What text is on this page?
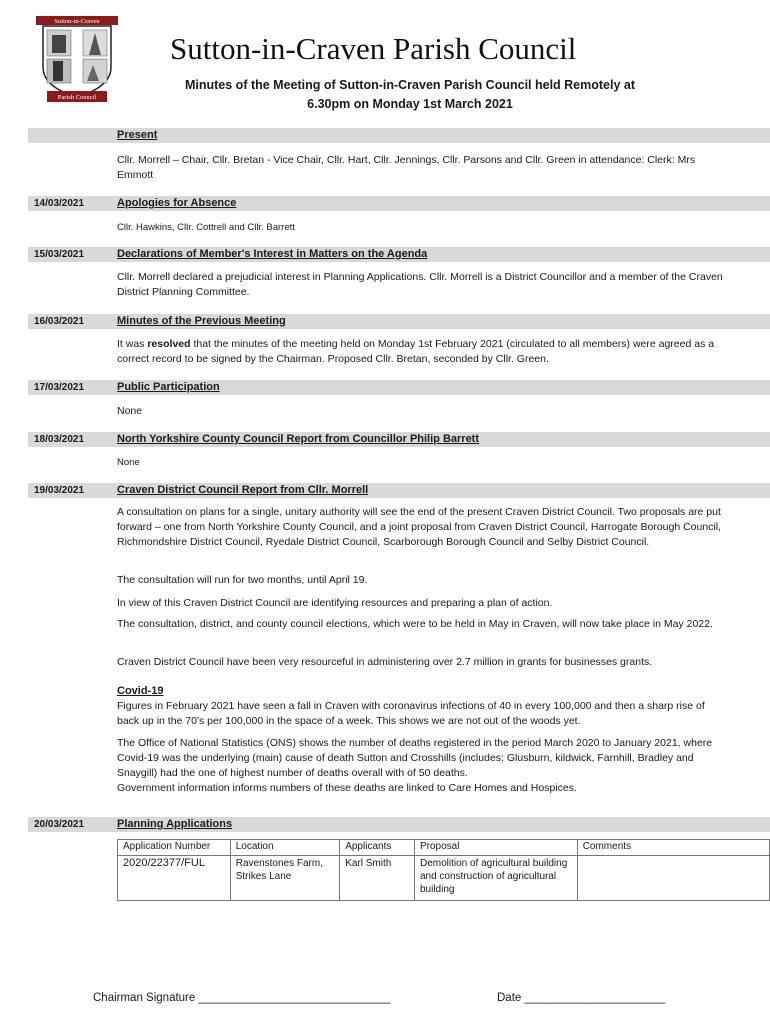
Sutton-in-Craven
Parish Council
Sutton-in-Craven Parish Council
Minutes of the Meeting of Sutton-in-Craven Parish Council held Remotely at
6.30pm on Monday 1st March 2021
Present
Cllr. Morrell – Chair, Cllr. Bretan - Vice Chair, Cllr. Hart, Cllr. Jennings, Cllr. Parsons and Cllr. Green in attendance: Clerk: Mrs Emmott
14/03/2021	Apologies for Absence
Cllr. Hawkins, Cllr. Cottrell and Cllr. Barrett
15/03/2021	Declarations of Member's Interest in Matters on the Agenda
Cllr. Morrell declared a prejudicial interest in Planning Applications. Cllr. Morrell is a District Councillor and a member of the Craven District Planning Committee.
16/03/2021	Minutes of the Previous Meeting
It was resolved that the minutes of the meeting held on Monday 1st February 2021 (circulated to all members) were agreed as a correct record to be signed by the Chairman. Proposed Cllr. Bretan, seconded by Cllr. Green.
17/03/2021	Public Participation
None
18/03/2021	North Yorkshire County Council Report from Councillor Philip Barrett
None
19/03/2021	Craven District Council Report from Cllr. Morrell
A consultation on plans for a single, unitary authority will see the end of the present Craven District Council. Two proposals are put forward – one from North Yorkshire County Council, and a joint proposal from Craven District Council, Harrogate Borough Council, Richmondshire District Council, Ryedale District Council, Scarborough Borough Council and Selby District Council.
The consultation will run for two months, until April 19.
In view of this Craven District Council are identifying resources and preparing a plan of action.
The consultation, district, and county council elections, which were to be held in May in Craven, will now take place in May 2022.
Craven District Council have been very resourceful in administering over 2.7 million in grants for businesses grants.
Covid-19
Figures in February 2021 have seen a fall in Craven with coronavirus infections of 40 in every 100,000 and then a sharp rise of back up in the 70's per 100,000 in the space of a week. This shows we are not out of the woods yet.
The Office of National Statistics (ONS) shows the number of deaths registered in the period March 2020 to January 2021, where Covid-19 was the underlying (main) cause of death Sutton and Crosshills (includes: Glusburn, kildwick, Farnhill, Bradley and Snaygill) had the one of highest number of deaths overall with of 50 deaths.
Government information informs numbers of these deaths are linked to Care Homes and Hospices.
20/03/2021	Planning Applications
Application Number	Location	Applicants	Proposal	Comments
2020/22377/FUL	Ravenstones Farm, Strikes Lane	Karl Smith	Demolition of agricultural building and construction of agricultural building	
Chairman Signature ______________________________	Date ______________________
